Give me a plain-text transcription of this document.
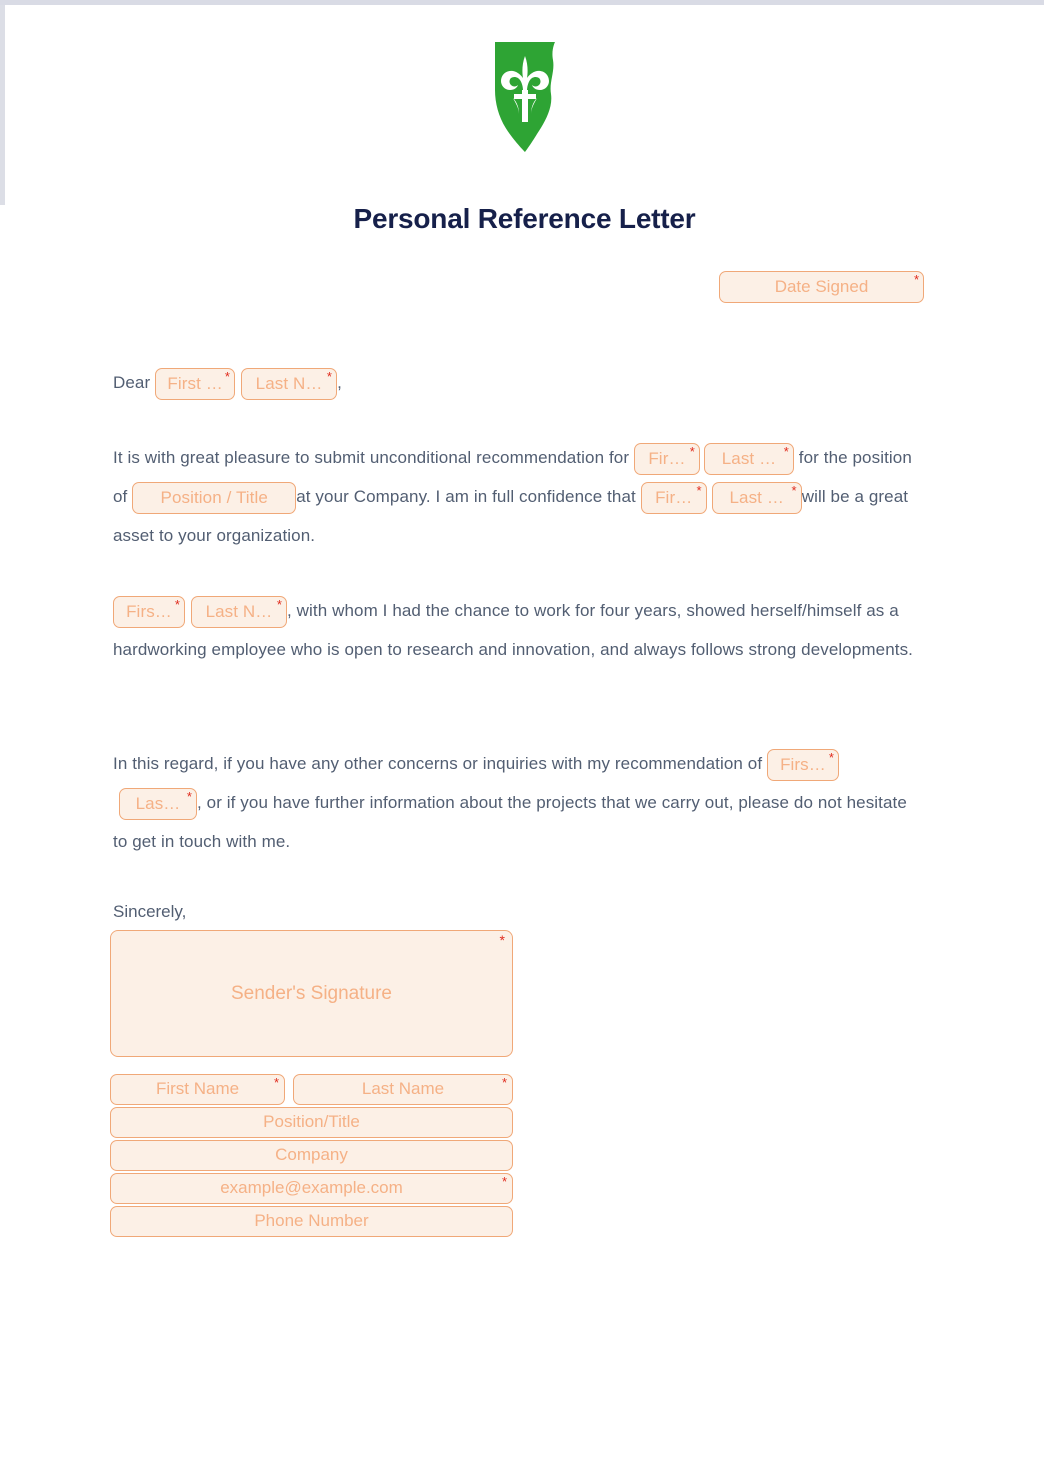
Personal Reference Letter
Date Signed	*
Dear First … * Last N… * ,
It is with great pleasure to submit unconditional recommendation for Fir… *	Last … * for the position of	Position / Title	at your Company. I am in full confidence that Fir… *	Last … * will be a great asset to your organization.
Firs… * Last N… * , with whom I had the chance to work for four years, showed herself/himself as a hardworking employee who is open to research and innovation, and always follows strong developments.
In this regard, if you have any other concerns or inquiries with my recommendation of Firs… *
Las… * , or if you have further information about the projects that we carry out, please do not hesitate to get in touch with me.
Sincerely,
Sender's Signature
*
First Name	*	Last Name	*
Position/Title
Company
example@example.com	*
Phone Number
